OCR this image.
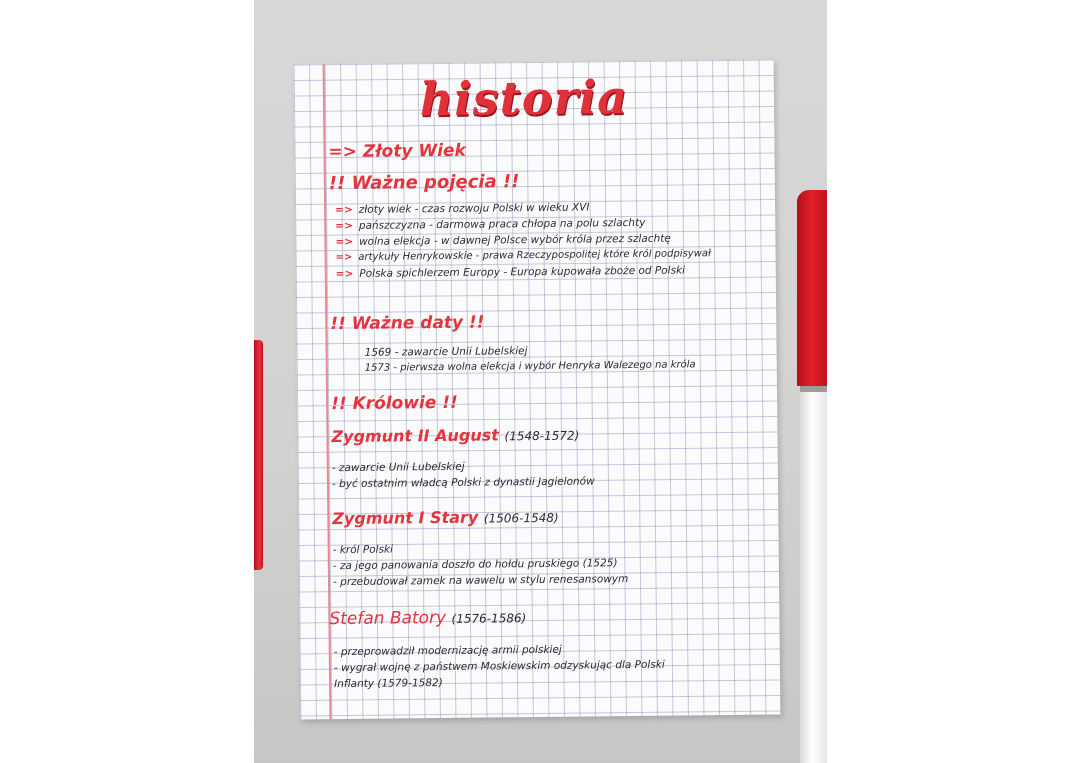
historia
=> Złoty Wiek
!! Ważne pojęcia !!
=> złoty wiek - czas rozwoju Polski w wieku XVI
=> pańszczyzna - darmowa praca chłopa na polu szlachty
=> wolna elekcja - w dawnej Polsce wybór króla przez szlachtę
=> artykuły Henrykowskie - prawa Rzeczypospolitej które król podpisywał
=> Polska spichlerzem Europy - Europa kupowała zboże od Polski
!! Ważne daty !!
1569 - zawarcie Unii Lubelskiej
1573 - pierwsza wolna elekcja i wybór Henryka Walezego na króla
!! Królowie !!
Zygmunt II August (1548-1572)
- zawarcie Unii Lubelskiej
- być ostatnim władcą Polski z dynastii Jagielonów
Zygmunt I Stary (1506-1548)
- król Polski
- za jego panowania doszło do hołdu pruskiego (1525)
- przebudował zamek na wawelu w stylu renesansowym
Stefan Batory (1576-1586)
- przeprowadził modernizację armii polskiej
- wygrał wojnę z państwem Moskiewskim odzyskując dla Polski
Inflanty (1579-1582)
